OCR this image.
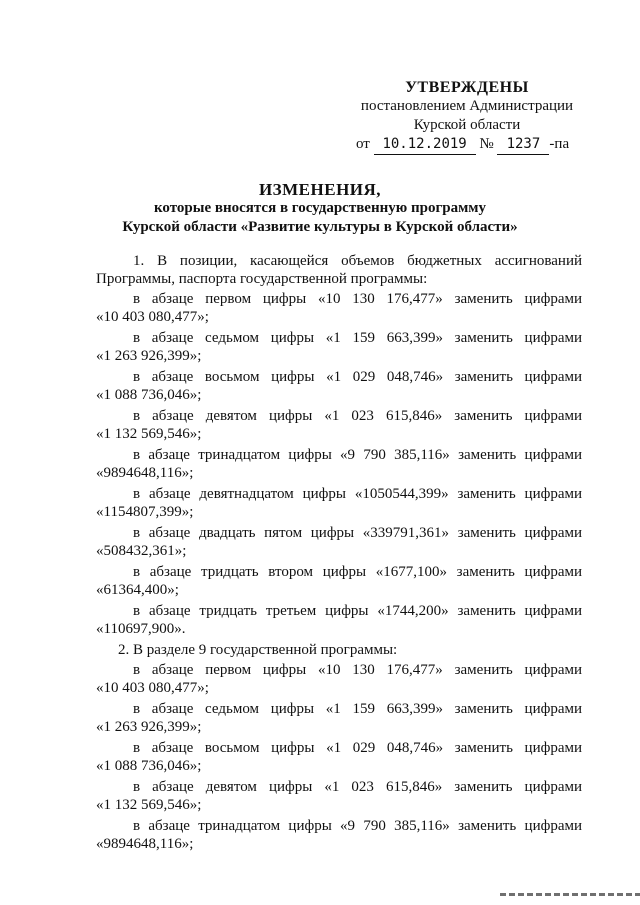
УТВЕРЖДЕНЫ
постановлением Администрации
Курской области
от 10.12.2019 № 1237 -па
ИЗМЕНЕНИЯ,
которые вносятся в государственную программу
Курской области «Развитие культуры в Курской области»

1. В позиции, касающейся объемов бюджетных ассигнований Программы, паспорта государственной программы:

в абзаце первом цифры «10 130 176,477» заменить цифрами
«10 403 080,477»;
в абзаце седьмом цифры «1 159 663,399» заменить цифрами
«1 263 926,399»;
в абзаце восьмом цифры «1 029 048,746» заменить цифрами
«1 088 736,046»;
в абзаце девятом цифры «1 023 615,846» заменить цифрами
«1 132 569,546»;
в абзаце тринадцатом цифры «9 790 385,116» заменить цифрами
«9894648,116»;
в абзаце девятнадцатом цифры «1050544,399» заменить цифрами
«1154807,399»;
в абзаце двадцать пятом цифры «339791,361» заменить цифрами
«508432,361»;
в абзаце тридцать втором цифры «1677,100» заменить цифрами
«61364,400»;
в абзаце тридцать третьем цифры «1744,200» заменить цифрами
«110697,900».

2. В разделе 9 государственной программы:

в абзаце первом цифры «10 130 176,477» заменить цифрами
«10 403 080,477»;
в абзаце седьмом цифры «1 159 663,399» заменить цифрами
«1 263 926,399»;
в абзаце восьмом цифры «1 029 048,746» заменить цифрами
«1 088 736,046»;
в абзаце девятом цифры «1 023 615,846» заменить цифрами
«1 132 569,546»;
в абзаце тринадцатом цифры «9 790 385,116» заменить цифрами
«9894648,116»;
